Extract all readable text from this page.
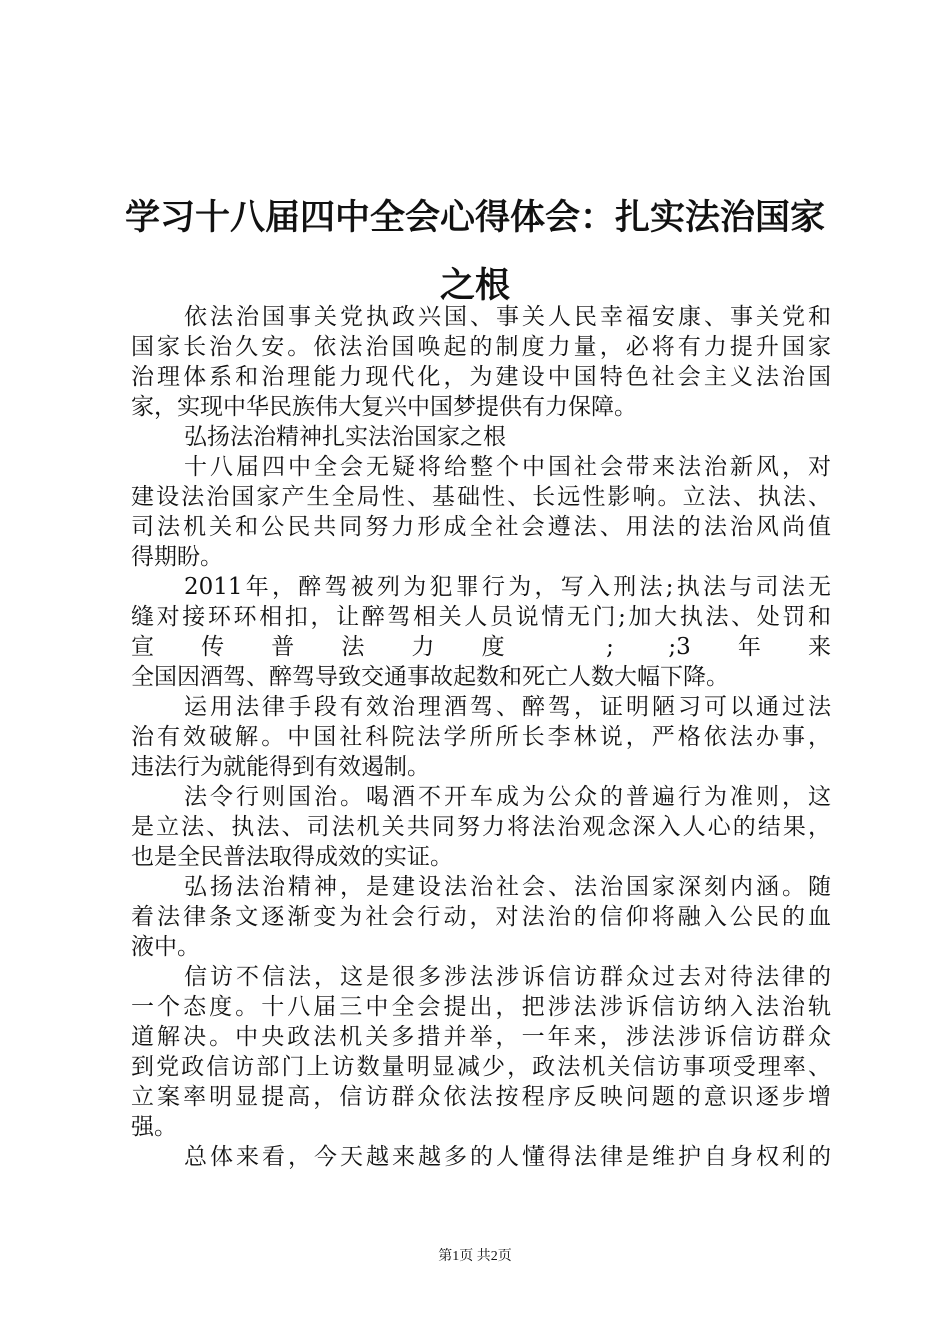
学习十八届四中全会心得体会：扎实法治国家
之根
依法治国事关党执政兴国、事关人民幸福安康、事关党和
国家长治久安。依法治国唤起的制度力量，必将有力提升国家
治理体系和治理能力现代化，为建设中国特色社会主义法治国
家，实现中华民族伟大复兴中国梦提供有力保障。
弘扬法治精神扎实法治国家之根
十八届四中全会无疑将给整个中国社会带来法治新风，对
建设法治国家产生全局性、基础性、长远性影响。立法、执法、
司法机关和公民共同努力形成全社会遵法、用法的法治风尚值
得期盼。
2011年，醉驾被列为犯罪行为，写入刑法;执法与司法无
缝对接环环相扣，让醉驾相关人员说情无门;加大执法、处罚和
宣传普法力度 ; ;3年来
全国因酒驾、醉驾导致交通事故起数和死亡人数大幅下降。
运用法律手段有效治理酒驾、醉驾，证明陋习可以通过法
治有效破解。中国社科院法学所所长李林说，严格依法办事，
违法行为就能得到有效遏制。
法令行则国治。喝酒不开车成为公众的普遍行为准则，这
是立法、执法、司法机关共同努力将法治观念深入人心的结果，
也是全民普法取得成效的实证。
弘扬法治精神，是建设法治社会、法治国家深刻内涵。随
着法律条文逐渐变为社会行动，对法治的信仰将融入公民的血
液中。
信访不信法，这是很多涉法涉诉信访群众过去对待法律的
一个态度。十八届三中全会提出，把涉法涉诉信访纳入法治轨
道解决。中央政法机关多措并举，一年来，涉法涉诉信访群众
到党政信访部门上访数量明显减少，政法机关信访事项受理率、
立案率明显提高，信访群众依法按程序反映问题的意识逐步增
强。
总体来看，今天越来越多的人懂得法律是维护自身权利的
第1页 共2页
